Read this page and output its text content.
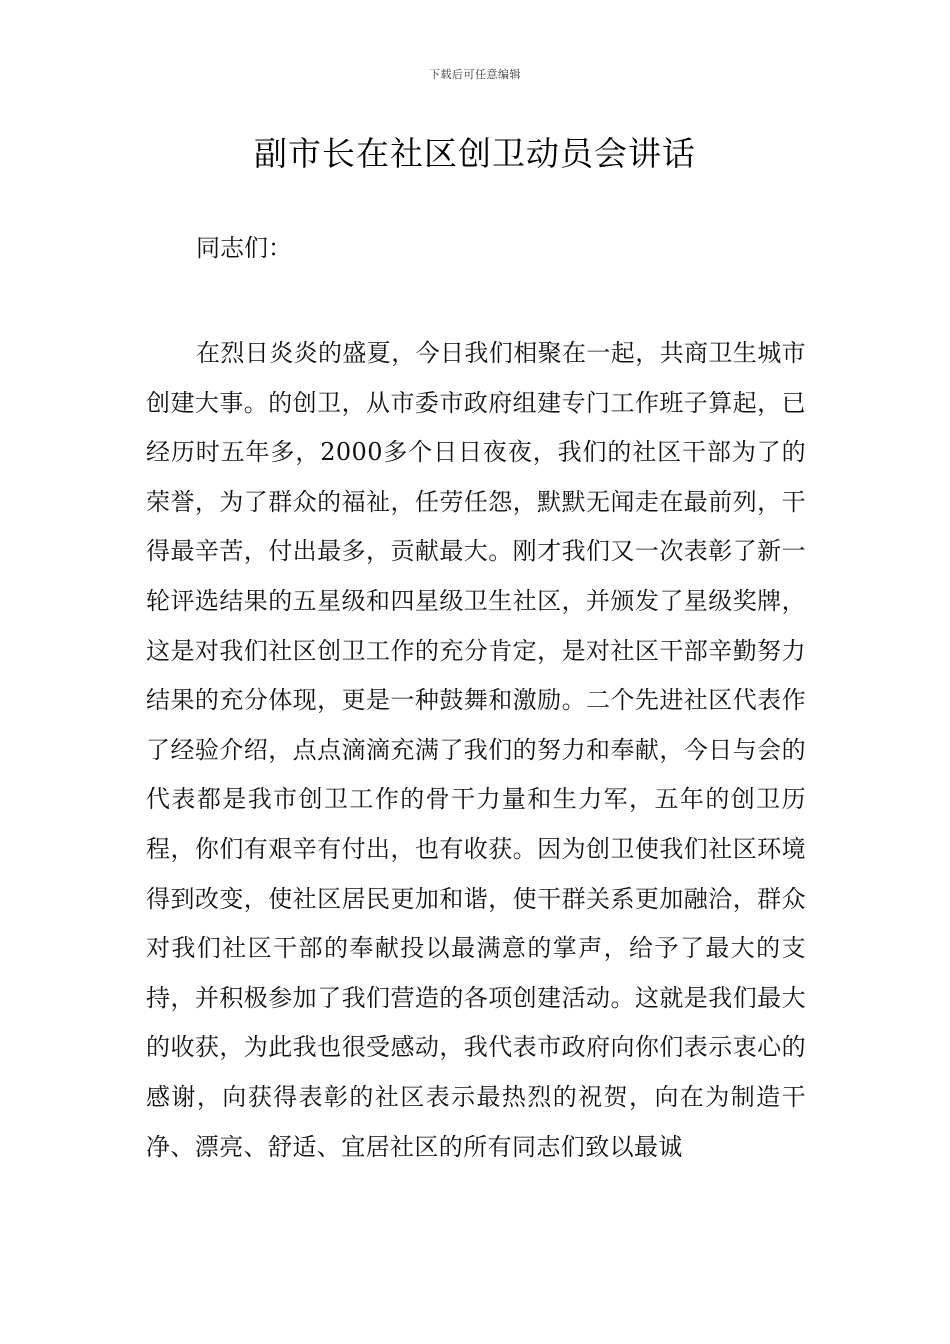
下载后可任意编辑
副市长在社区创卫动员会讲话

同志们：

在烈日炎炎的盛夏，今日我们相聚在一起，共商卫生城市创建大事。的创卫，从市委市政府组建专门工作班子算起，已经历时五年多，2000多个日日夜夜，我们的社区干部为了的荣誉，为了群众的福祉，任劳任怨，默默无闻走在最前列，干得最辛苦，付出最多，贡献最大。刚才我们又一次表彰了新一轮评选结果的五星级和四星级卫生社区，并颁发了星级奖牌，这是对我们社区创卫工作的充分肯定，是对社区干部辛勤努力结果的充分体现，更是一种鼓舞和激励。二个先进社区代表作了经验介绍，点点滴滴充满了我们的努力和奉献，今日与会的代表都是我市创卫工作的骨干力量和生力军，五年的创卫历程，你们有艰辛有付出，也有收获。因为创卫使我们社区环境得到改变，使社区居民更加和谐，使干群关系更加融洽，群众对我们社区干部的奉献投以最满意的掌声，给予了最大的支持，并积极参加了我们营造的各项创建活动。这就是我们最大的收获，为此我也很受感动，我代表市政府向你们表示衷心的感谢，向获得表彰的社区表示最热烈的祝贺，向在为制造干净、漂亮、舒适、宜居社区的所有同志们致以最诚
